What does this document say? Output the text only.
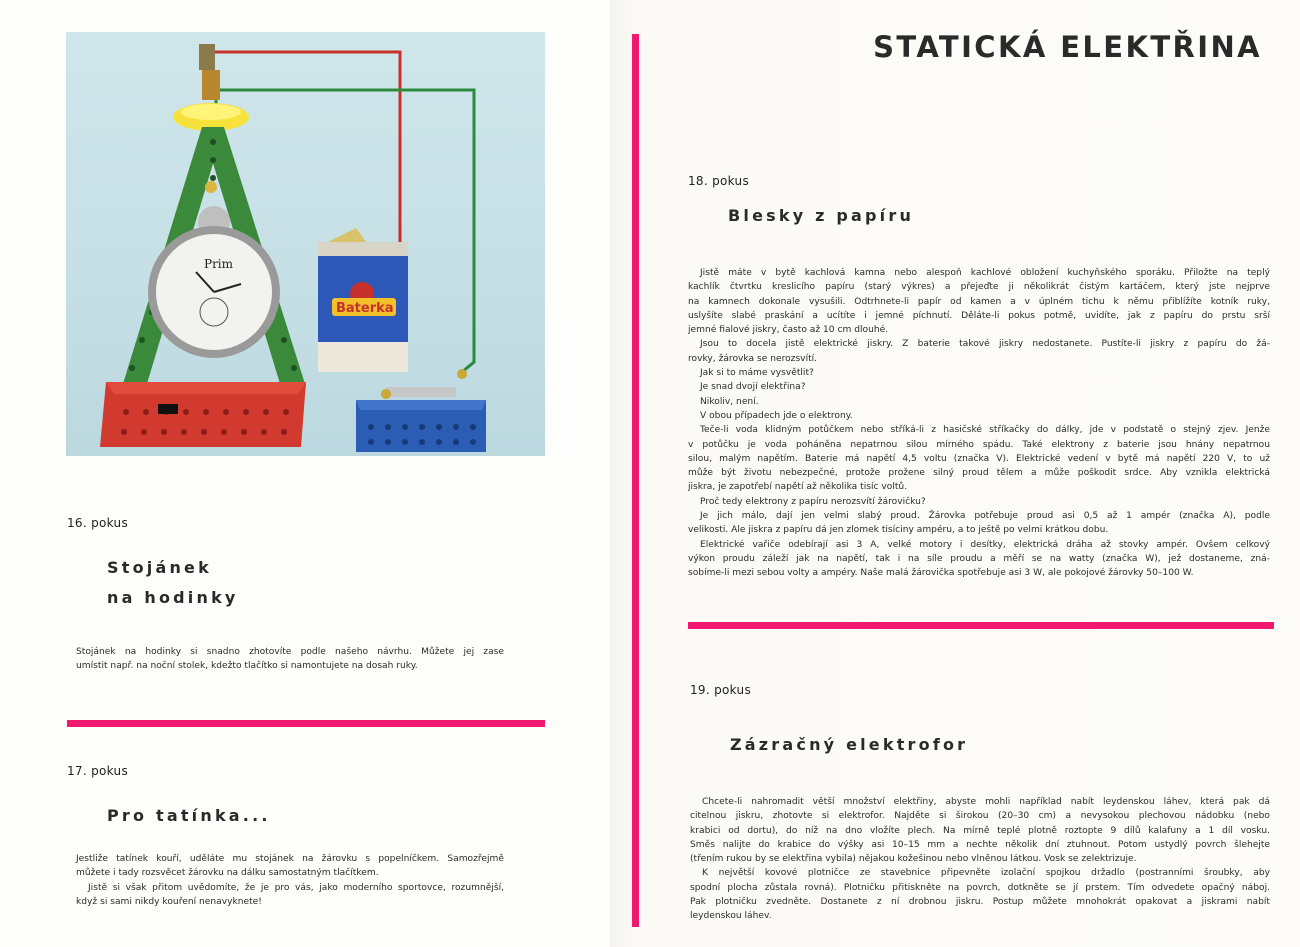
Prim
Baterka
16. pokus
Stojánek
na hodinky

Stojánek na hodinky si snadno zhotovíte podle našeho návrhu. Můžete jej zase

umístit např. na noční stolek, kdežto tlačítko si namontujete na dosah ruky.

17. pokus
Pro tatínka...

Jestliže tatínek kouří, uděláte mu stojánek na žárovku s popelníčkem. Samozřejmě

můžete i tady rozsvěcet žárovku na dálku samostatným tlačítkem.

Jistě si však přitom uvědomíte, že je pro vás, jako moderního sportovce, rozumnější,

když si sami nikdy kouření nenavyknete!

STATICKÁ ELEKTŘINA
18. pokus
Blesky z papíru

Jistě máte v bytě kachlová kamna nebo alespoň kachlové obložení kuchyňského sporáku. Přiložte na teplý

kachlík čtvrtku kreslicího papíru (starý výkres) a přejeďte ji několikrát čistým kartáčem, který jste nejprve

na kamnech dokonale vysušili. Odtrhnete-li papír od kamen a v úplném tichu k němu přiblížíte kotník ruky,

uslyšíte slabé praskání a ucítíte i jemné píchnutí. Děláte-li pokus potmě, uvidíte, jak z papíru do prstu srší

jemné fialové jiskry, často až 10 cm dlouhé.

Jsou to docela jistě elektrické jiskry. Z baterie takové jiskry nedostanete. Pustíte-li jiskry z papíru do žá-

rovky, žárovka se nerozsvítí.

Jak si to máme vysvětlit?

Je snad dvojí elektřina?

Nikoliv, není.

V obou případech jde o elektrony.

Teče-li voda klidným potůčkem nebo stříká-li z hasičské stříkačky do dálky, jde v podstatě o stejný zjev. Jenže

v potůčku je voda poháněna nepatrnou silou mírného spádu. Také elektrony z baterie jsou hnány nepatrnou

silou, malým napětím. Baterie má napětí 4,5 voltu (značka V). Elektrické vedení v bytě má napětí 220 V, to už

může být životu nebezpečné, protože prožene silný proud tělem a může poškodit srdce. Aby vznikla elektrická

jiskra, je zapotřebí napětí až několika tisíc voltů.

Proč tedy elektrony z papíru nerozsvítí žárovičku?

Je jich málo, dají jen velmi slabý proud. Žárovka potřebuje proud asi 0,5 až 1 ampér (značka A), podle

velikosti. Ale jiskra z papíru dá jen zlomek tisíciny ampéru, a to ještě po velmi krátkou dobu.

Elektrické vařiče odebírají asi 3 A, velké motory i desítky, elektrická dráha až stovky ampér. Ovšem celkový

výkon proudu záleží jak na napětí, tak i na síle proudu a měří se na watty (značka W), jež dostaneme, zná-

sobíme-li mezi sebou volty a ampéry. Naše malá žárovička spotřebuje asi 3 W, ale pokojové žárovky 50–100 W.

19. pokus
Zázračný elektrofor

Chcete-li nahromadit větší množství elektřiny, abyste mohli například nabít leydenskou láhev, která pak dá

citelnou jiskru, zhotovte si elektrofor. Najděte si širokou (20–30 cm) a nevysokou plechovou nádobku (nebo

krabici od dortu), do níž na dno vložíte plech. Na mírně teplé plotně roztopte 9 dílů kalafuny a 1 díl vosku.

Směs nalijte do krabice do výšky asi 10–15 mm a nechte několik dní ztuhnout. Potom ustydlý povrch šlehejte

(třením rukou by se elektřina vybila) nějakou kožešinou nebo vlněnou látkou. Vosk se zelektrizuje.

K největší kovové plotničce ze stavebnice připevněte izolační spojkou držadlo (postranními šroubky, aby

spodní plocha zůstala rovná). Plotničku přitiskněte na povrch, dotkněte se jí prstem. Tím odvedete opačný náboj.

Pak plotničku zvedněte. Dostanete z ní drobnou jiskru. Postup můžete mnohokrát opakovat a jiskrami nabít

leydenskou láhev.
